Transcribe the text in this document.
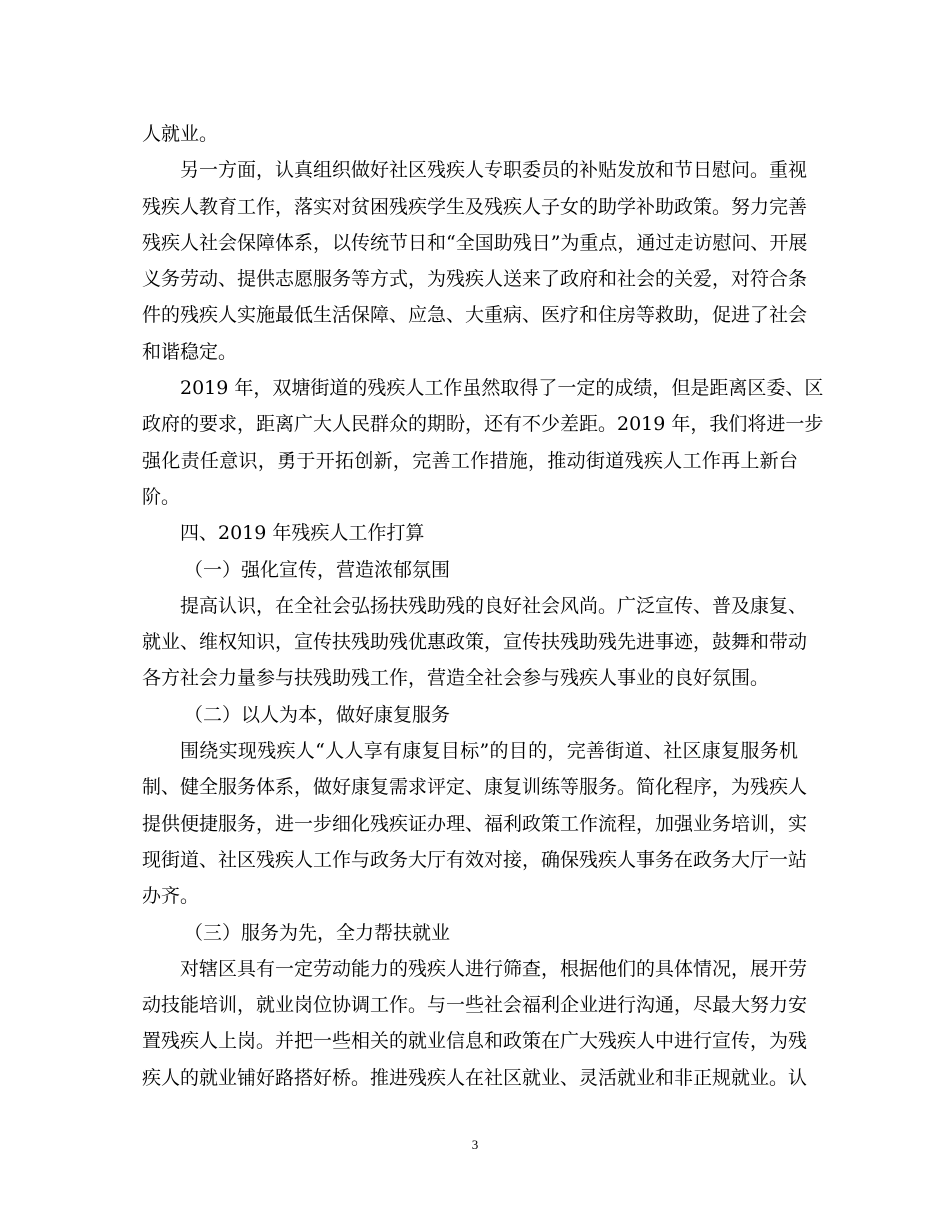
人就业。
另一方面，认真组织做好社区残疾人专职委员的补贴发放和节日慰问。重视
残疾人教育工作，落实对贫困残疾学生及残疾人子女的助学补助政策。努力完善
残疾人社会保障体系，以传统节日和“全国助残日”为重点，通过走访慰问、开展
义务劳动、提供志愿服务等方式，为残疾人送来了政府和社会的关爱，对符合条
件的残疾人实施最低生活保障、应急、大重病、医疗和住房等救助，促进了社会
和谐稳定。
2019 年，双塘街道的残疾人工作虽然取得了一定的成绩，但是距离区委、区
政府的要求，距离广大人民群众的期盼，还有不少差距。2019 年，我们将进一步
强化责任意识，勇于开拓创新，完善工作措施，推动街道残疾人工作再上新台
阶。
四、2019 年残疾人工作打算
（一）强化宣传，营造浓郁氛围
提高认识，在全社会弘扬扶残助残的良好社会风尚。广泛宣传、普及康复、
就业、维权知识，宣传扶残助残优惠政策，宣传扶残助残先进事迹，鼓舞和带动
各方社会力量参与扶残助残工作，营造全社会参与残疾人事业的良好氛围。
（二）以人为本，做好康复服务
围绕实现残疾人“人人享有康复目标”的目的，完善街道、社区康复服务机
制、健全服务体系，做好康复需求评定、康复训练等服务。简化程序，为残疾人
提供便捷服务，进一步细化残疾证办理、福利政策工作流程，加强业务培训，实
现街道、社区残疾人工作与政务大厅有效对接，确保残疾人事务在政务大厅一站
办齐。
（三）服务为先，全力帮扶就业
对辖区具有一定劳动能力的残疾人进行筛查，根据他们的具体情况，展开劳
动技能培训，就业岗位协调工作。与一些社会福利企业进行沟通，尽最大努力安
置残疾人上岗。并把一些相关的就业信息和政策在广大残疾人中进行宣传，为残
疾人的就业铺好路搭好桥。推进残疾人在社区就业、灵活就业和非正规就业。认
3
